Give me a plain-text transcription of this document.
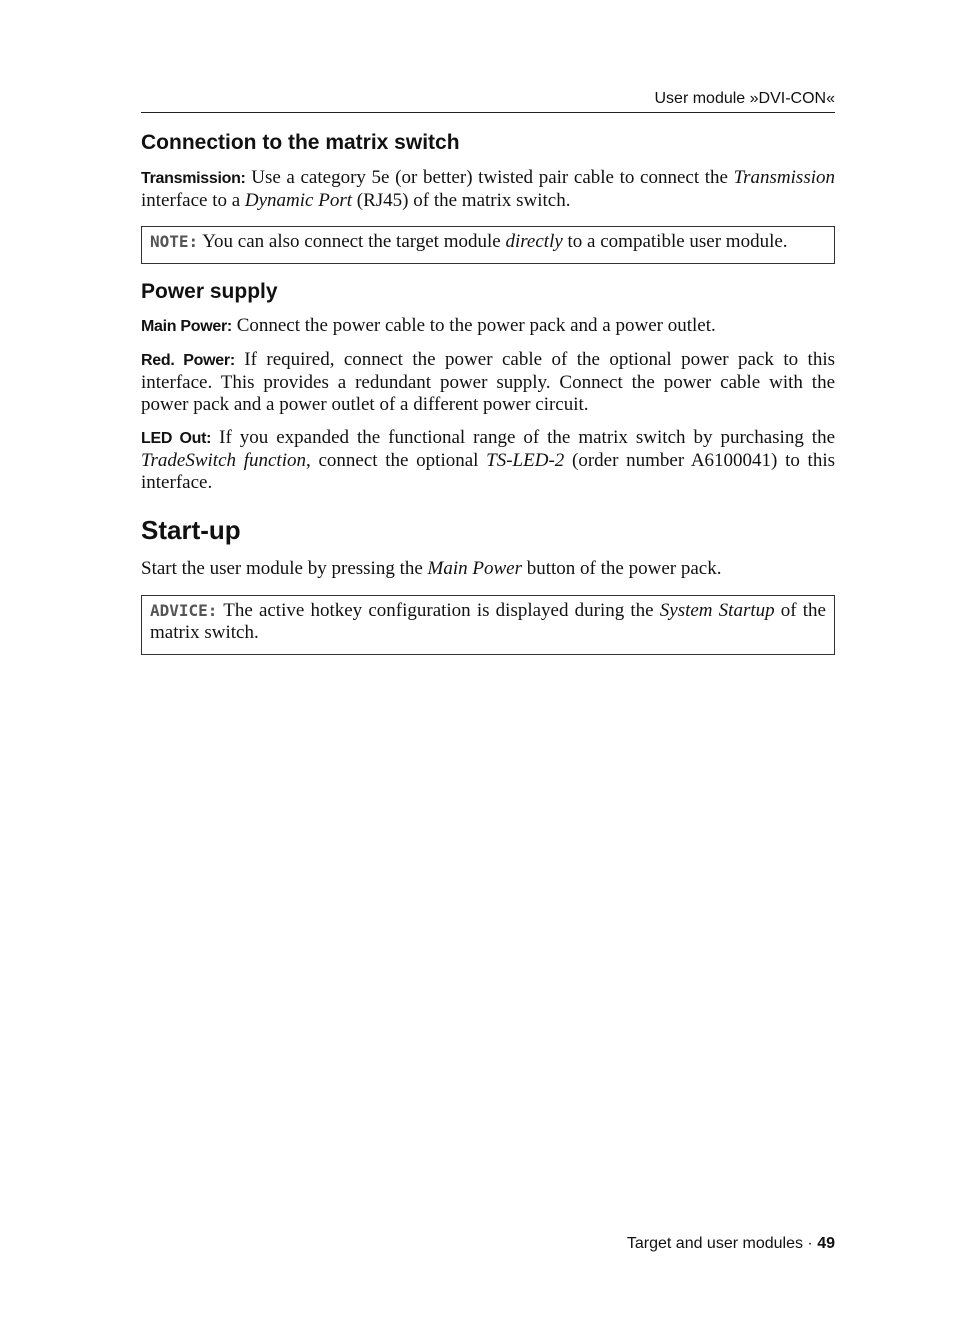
User module »DVI-CON«
Connection to the matrix switch

Transmission: Use a category 5e (or better) twisted pair cable to connect the Transmission interface to a Dynamic Port (RJ45) of the matrix switch.

NOTE: You can also connect the target module directly to a compatible user module.
Power supply

Main Power: Connect the power cable to the power pack and a power outlet.

Red. Power: If required, connect the power cable of the optional power pack to this interface. This provides a redundant power supply. Connect the power cable with the power pack and a power outlet of a different power circuit.

LED Out: If you expanded the functional range of the matrix switch by purchasing the TradeSwitch function, connect the optional TS-LED-2 (order number A6100041) to this interface.

Start-up

Start the user module by pressing the Main Power button of the power pack.

ADVICE: The active hotkey configuration is displayed during the System Startup of the matrix switch.
Target and user modules · 49
